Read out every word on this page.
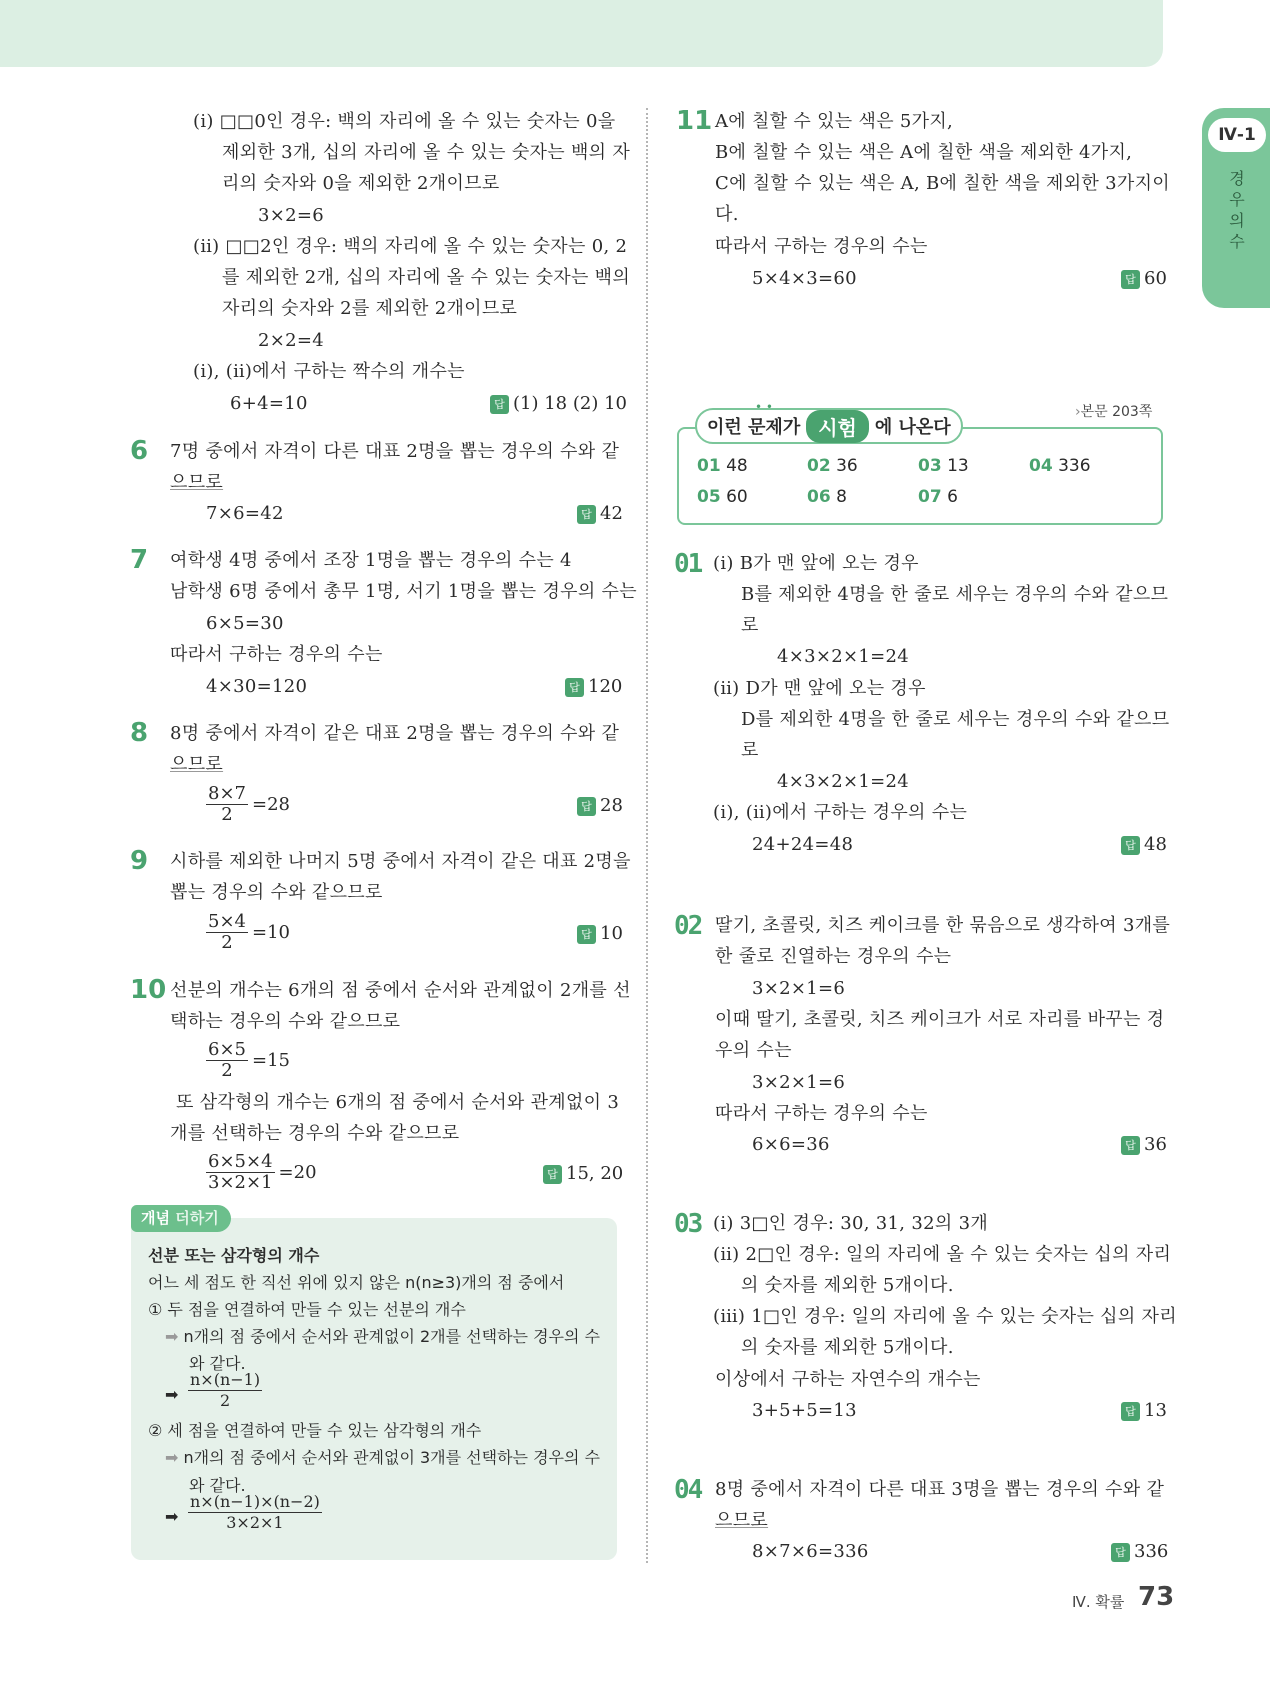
Ⅳ-1
경우의 수
(ⅰ) □□0인 경우: 백의 자리에 올 수 있는 숫자는 0을
제외한 3개, 십의 자리에 올 수 있는 숫자는 백의 자
리의 숫자와 0을 제외한 2개이므로
3×2=6
(ⅱ) □□2인 경우: 백의 자리에 올 수 있는 숫자는 0, 2
를 제외한 2개, 십의 자리에 올 수 있는 숫자는 백의
자리의 숫자와 2를 제외한 2개이므로
2×2=4
(ⅰ), (ⅱ)에서 구하는 짝수의 개수는
6+4=10	답 (1) 18 (2) 10
6 7명 중에서 자격이 다른 대표 2명을 뽑는 경우의 수와 같
으므로
7×6=42	답 42
7 여학생 4명 중에서 조장 1명을 뽑는 경우의 수는 4
남학생 6명 중에서 총무 1명, 서기 1명을 뽑는 경우의 수는
6×5=30
따라서 구하는 경우의 수는
4×30=120	답 120
8 8명 중에서 자격이 같은 대표 2명을 뽑는 경우의 수와 같
으므로
$\frac{8\times 7}{2} =28$	답 28
9 시하를 제외한 나머지 5명 중에서 자격이 같은 대표 2명을
뽑는 경우의 수와 같으므로
$\frac{5\times 4}{2} =10$	답 10
10 선분의 개수는 6개의 점 중에서 순서와 관계없이 2개를 선
택하는 경우의 수와 같으므로
$\frac{6\times 5}{2} =15$
또 삼각형의 개수는 6개의 점 중에서 순서와 관계없이 3
개를 선택하는 경우의 수와 같으므로
$\frac{6\times 5\times 4}{3\times 2\times 1} =20$	답 15, 20
개념 더하기
선분 또는 삼각형의 개수
어느 세 점도 한 직선 위에 있지 않은 n(n≥3)개의 점 중에서
① 두 점을 연결하여 만들 수 있는 선분의 개수
➡ n개의 점 중에서 순서와 관계없이 2개를 선택하는 경우의 수
와 같다.
➡ $\frac{n\times(n-1)}{2}$
② 세 점을 연결하여 만들 수 있는 삼각형의 개수
➡ n개의 점 중에서 순서와 관계없이 3개를 선택하는 경우의 수
와 같다.
➡ $\frac{n\times(n-1)\times(n-2)}{3\times 2\times 1}$
11 A에 칠할 수 있는 색은 5가지,
B에 칠할 수 있는 색은 A에 칠한 색을 제외한 4가지,
C에 칠할 수 있는 색은 A, B에 칠한 색을 제외한 3가지이
다.
따라서 구하는 경우의 수는
5×4×3=60	답 60
›본문 203쪽
이런 문제가 시험	에 나온다
• •
01 48	02 36	03 13	04 336
05 60	06 8	07 6
01 (ⅰ) B가 맨 앞에 오는 경우
B를 제외한 4명을 한 줄로 세우는 경우의 수와 같으므
로
4×3×2×1=24
(ⅱ) D가 맨 앞에 오는 경우
D를 제외한 4명을 한 줄로 세우는 경우의 수와 같으므
로
4×3×2×1=24
(ⅰ), (ⅱ)에서 구하는 경우의 수는
24+24=48	답 48
02 딸기, 초콜릿, 치즈 케이크를 한 묶음으로 생각하여 3개를
한 줄로 진열하는 경우의 수는
3×2×1=6
이때 딸기, 초콜릿, 치즈 케이크가 서로 자리를 바꾸는 경
우의 수는
3×2×1=6
따라서 구하는 경우의 수는
6×6=36	답 36
03 (ⅰ) 3□인 경우: 30, 31, 32의 3개
(ⅱ) 2□인 경우: 일의 자리에 올 수 있는 숫자는 십의 자리
의 숫자를 제외한 5개이다.
(ⅲ) 1□인 경우: 일의 자리에 올 수 있는 숫자는 십의 자리
의 숫자를 제외한 5개이다.
이상에서 구하는 자연수의 개수는
3+5+5=13	답 13
04 8명 중에서 자격이 다른 대표 3명을 뽑는 경우의 수와 같
으므로
8×7×6=336	답 336
Ⅳ. 확률 73
